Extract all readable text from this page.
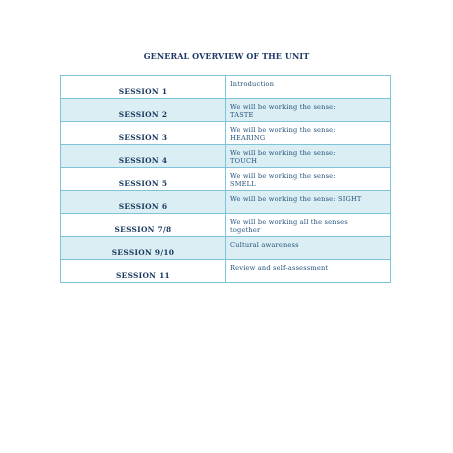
GENERAL OVERVIEW OF THE UNIT
SESSION 1	Introduction

SESSION 2	We will be working the sense:
TASTE

SESSION 3	We will be working the sense:
HEARING

SESSION 4	We will be working the sense:
TOUCH

SESSION 5	We will be working the sense:
SMELL

SESSION 6	We will be working the sense: SIGHT

SESSION 7/8	We will be working all the senses
together

SESSION 9/10	Cultural awareness

SESSION 11	Review and self-assessment
